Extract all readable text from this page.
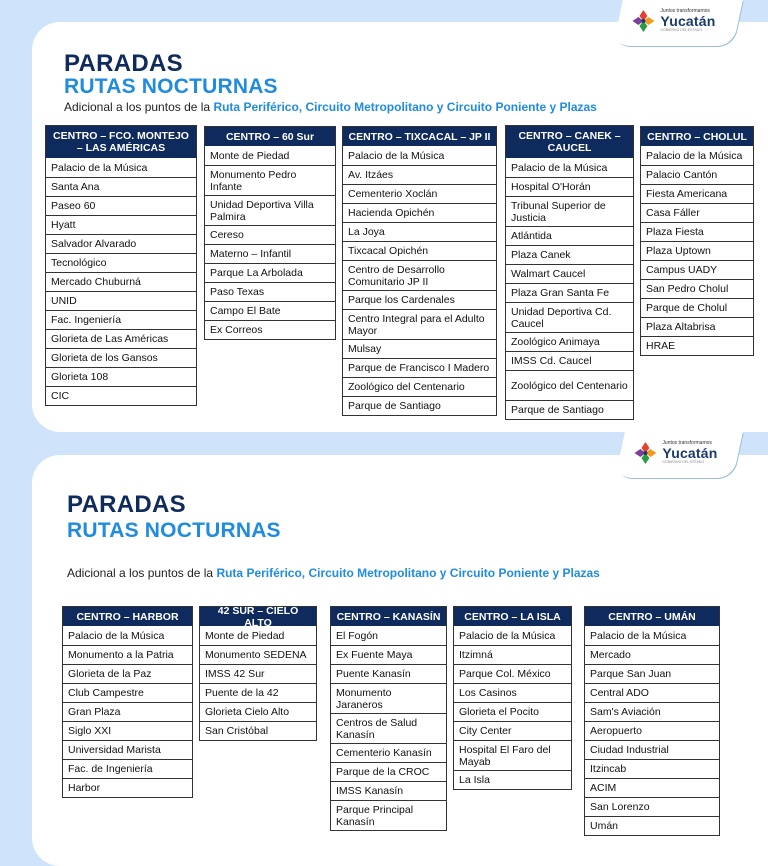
Juntos transformamos
Yucatán
GOBIERNO DEL ESTADO
Juntos transformamos
Yucatán
GOBIERNO DEL ESTADO
PARADAS
RUTAS NOCTURNAS

Adicional a los puntos de la Ruta Periférico, Circuito Metropolitano y Circuito Poniente y Plazas

CENTRO – FCO. MONTEJO – LAS AMÉRICAS
Palacio de la Música
Santa Ana
Paseo 60
Hyatt
Salvador Alvarado
Tecnológico
Mercado Chuburná
UNID
Fac. Ingeniería
Glorieta de Las Américas
Glorieta de los Gansos
Glorieta 108
CIC
CENTRO – 60 Sur
Monte de Piedad
Monumento Pedro Infante
Unidad Deportiva Villa Palmira
Cereso
Materno – Infantil
Parque La Arbolada
Paso Texas
Campo El Bate
Ex Correos
CENTRO – TIXCACAL – JP II
Palacio de la Música
Av. Itzáes
Cementerio Xoclán
Hacienda Opichén
La Joya
Tixcacal Opichén
Centro de Desarrollo Comunitario JP II
Parque los Cardenales
Centro Integral para el Adulto Mayor
Mulsay
Parque de Francisco I Madero
Zoológico del Centenario
Parque de Santiago
CENTRO – CANEK – CAUCEL
Palacio de la Música
Hospital O'Horán
Tribunal Superior de Justicia
Atlántida
Plaza Canek
Walmart Caucel
Plaza Gran Santa Fe
Unidad Deportiva Cd. Caucel
Zoológico Animaya
IMSS Cd. Caucel
Zoológico del Centenario
Parque de Santiago
CENTRO – CHOLUL
Palacio de la Música
Palacio Cantón
Fiesta Americana
Casa Fáller
Plaza Fiesta
Plaza Uptown
Campus UADY
San Pedro Cholul
Parque de Cholul
Plaza Altabrisa
HRAE
PARADAS
RUTAS NOCTURNAS

Adicional a los puntos de la Ruta Periférico, Circuito Metropolitano y Circuito Poniente y Plazas

CENTRO – HARBOR
Palacio de la Música
Monumento a la Patria
Glorieta de la Paz
Club Campestre
Gran Plaza
Siglo XXI
Universidad Marista
Fac. de Ingeniería
Harbor
42 SUR – CIELO ALTO
Monte de Piedad
Monumento SEDENA
IMSS 42 Sur
Puente de la 42
Glorieta Cielo Alto
San Cristóbal
CENTRO – KANASÍN
El Fogón
Ex Fuente Maya
Puente Kanasín
Monumento Jaraneros
Centros de Salud Kanasín
Cementerio Kanasín
Parque de la CROC
IMSS Kanasín
Parque Principal Kanasín
CENTRO – LA ISLA
Palacio de la Música
Itzimná
Parque Col. México
Los Casinos
Glorieta el Pocito
City Center
Hospital El Faro del Mayab
La Isla
CENTRO – UMÁN
Palacio de la Música
Mercado
Parque San Juan
Central ADO
Sam's Aviación
Aeropuerto
Ciudad Industrial
Itzincab
ACIM
San Lorenzo
Umán
